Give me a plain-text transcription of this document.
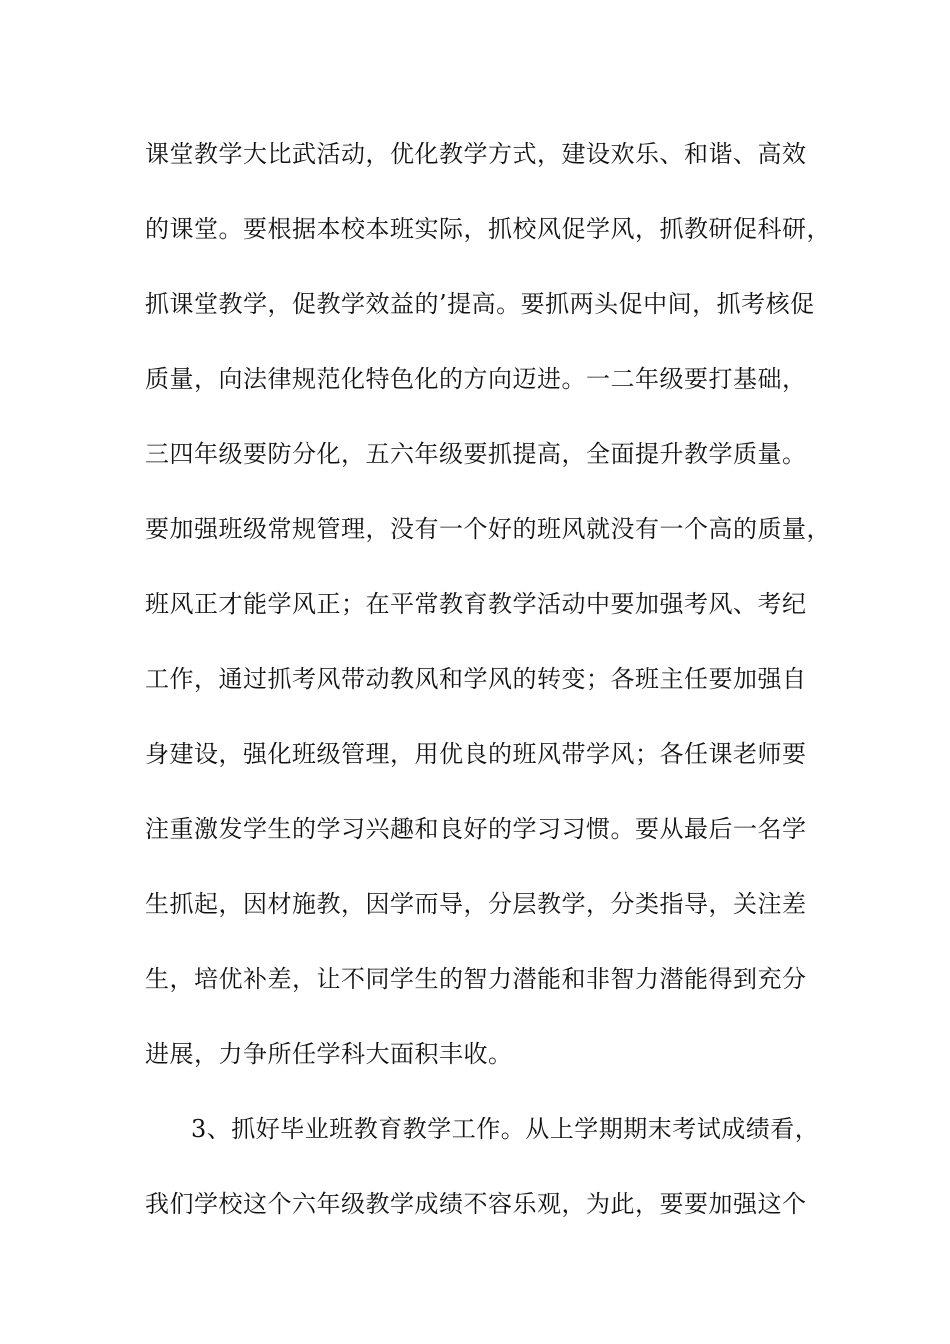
课堂教学大比武活动，优化教学方式，建设欢乐、和谐、高效
的课堂。要根据本校本班实际，抓校风促学风，抓教研促科研，
抓课堂教学，促教学效益的’提高。要抓两头促中间，抓考核促
质量，向法律规范化特色化的方向迈进。一二年级要打基础，
三四年级要防分化，五六年级要抓提高，全面提升教学质量。
要加强班级常规管理，没有一个好的班风就没有一个高的质量，
班风正才能学风正；在平常教育教学活动中要加强考风、考纪
工作，通过抓考风带动教风和学风的转变；各班主任要加强自
身建设，强化班级管理，用优良的班风带学风；各任课老师要
注重激发学生的学习兴趣和良好的学习习惯。要从最后一名学
生抓起，因材施教，因学而导，分层教学，分类指导，关注差
生，培优补差，让不同学生的智力潜能和非智力潜能得到充分
进展，力争所任学科大面积丰收。
3、抓好毕业班教育教学工作。从上学期期末考试成绩看，
我们学校这个六年级教学成绩不容乐观，为此，要要加强这个
